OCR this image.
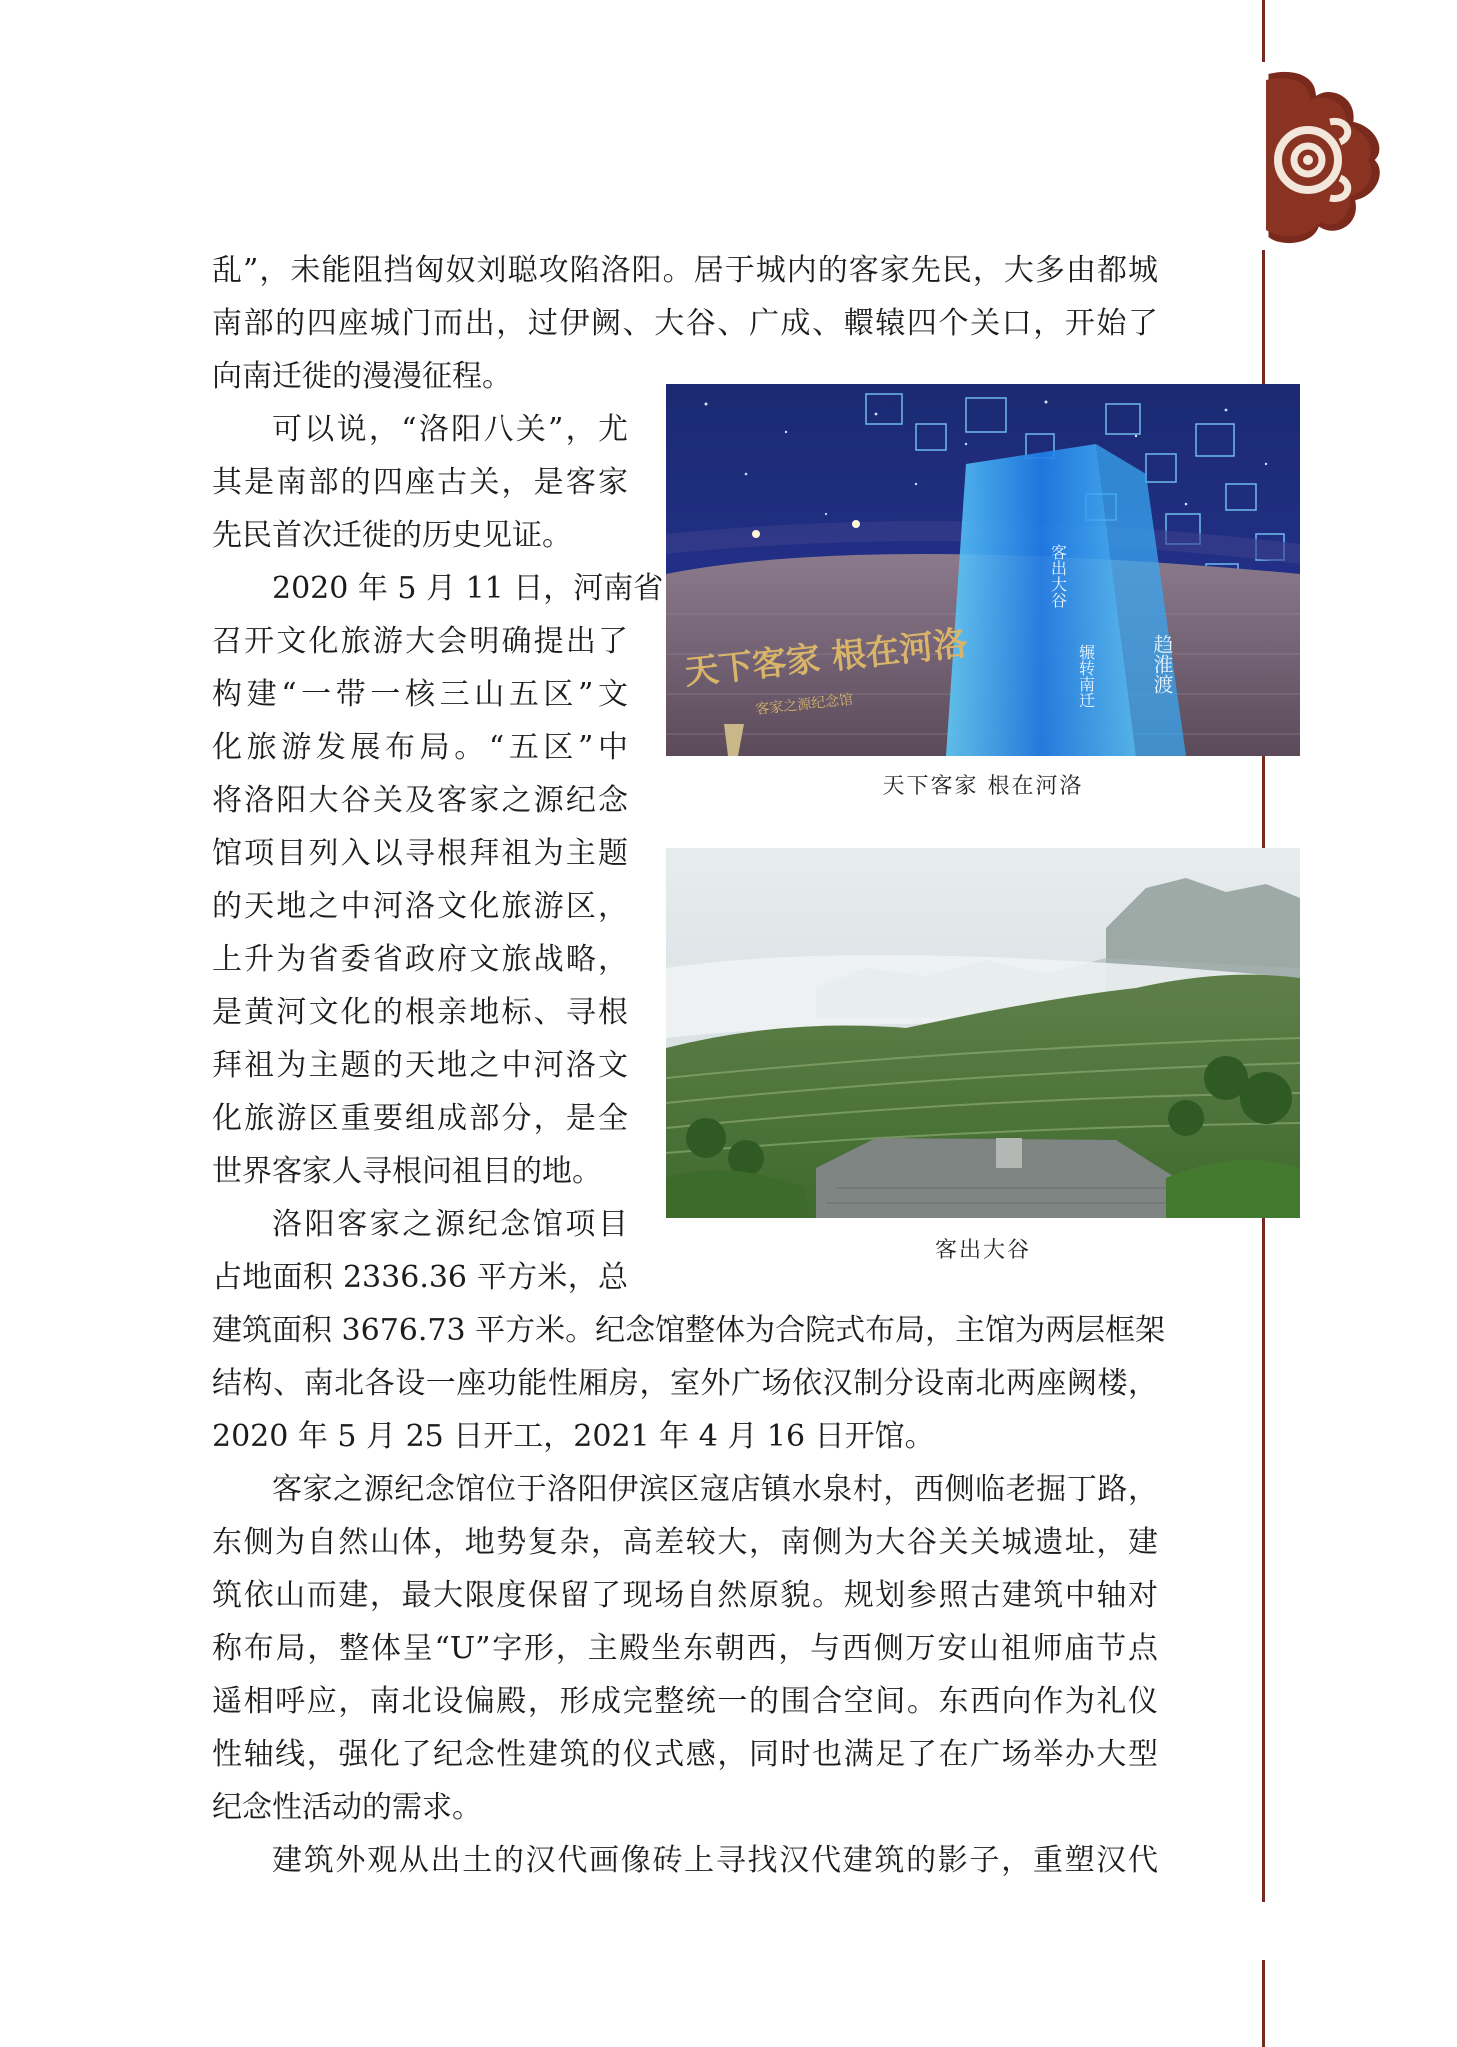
乱”，未能阻挡匈奴刘聪攻陷洛阳。居于城内的客家先民，大多由都城
南部的四座城门而出，过伊阙、大谷、广成、轘辕四个关口，开始了
向南迁徙的漫漫征程。
可以说，“洛阳八关”，尤
其是南部的四座古关，是客家
先民首次迁徙的历史见证。
2020 年 5 月 11 日，河南省
召开文化旅游大会明确提出了
构建“一带一核三山五区”文
化旅游发展布局。“五区”中
将洛阳大谷关及客家之源纪念
馆项目列入以寻根拜祖为主题
的天地之中河洛文化旅游区，
上升为省委省政府文旅战略，
是黄河文化的根亲地标、寻根
拜祖为主题的天地之中河洛文
化旅游区重要组成部分，是全
世界客家人寻根问祖目的地。
洛阳客家之源纪念馆项目
占地面积 2336.36 平方米，总
建筑面积 3676.73 平方米。纪念馆整体为合院式布局，主馆为两层框架
结构、南北各设一座功能性厢房，室外广场依汉制分设南北两座阙楼，
2020 年 5 月 25 日开工，2021 年 4 月 16 日开馆。
客家之源纪念馆位于洛阳伊滨区寇店镇水泉村，西侧临老掘丁路，
东侧为自然山体，地势复杂，高差较大，南侧为大谷关关城遗址，建
筑依山而建，最大限度保留了现场自然原貌。规划参照古建筑中轴对
称布局，整体呈“U”字形，主殿坐东朝西，与西侧万安山祖师庙节点
遥相呼应，南北设偏殿，形成完整统一的围合空间。东西向作为礼仪
性轴线，强化了纪念性建筑的仪式感，同时也满足了在广场举办大型
纪念性活动的需求。
建筑外观从出土的汉代画像砖上寻找汉代建筑的影子，重塑汉代
客出大谷
辗转南迁	趋淮渡
天下客家 根在河洛
客家之源纪念馆
天下客家 根在河洛
客出大谷
